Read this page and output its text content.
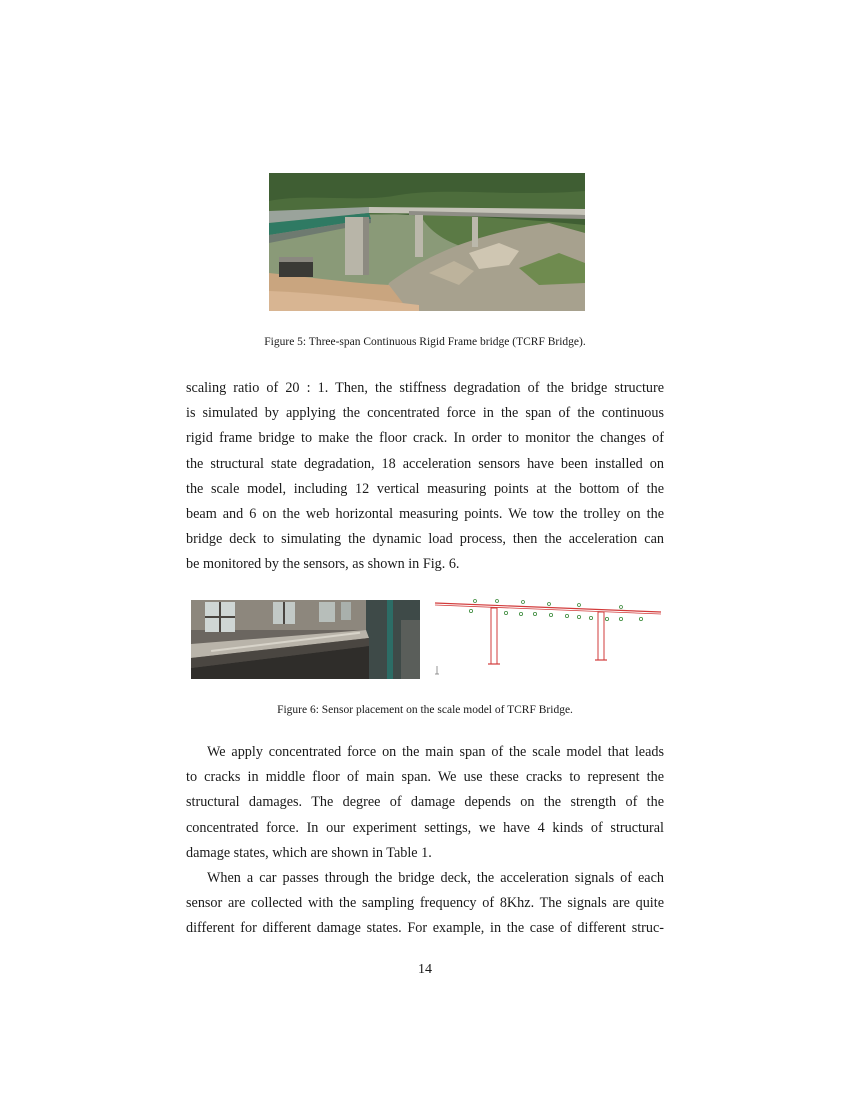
Figure 5: Three-span Continuous Rigid Frame bridge (TCRF Bridge).
scaling ratio of 20 : 1. Then, the stiffness degradation of the bridge structure
is simulated by applying the concentrated force in the span of the continuous
rigid frame bridge to make the floor crack. In order to monitor the changes of
the structural state degradation, 18 acceleration sensors have been installed on
the scale model, including 12 vertical measuring points at the bottom of the
beam and 6 on the web horizontal measuring points. We tow the trolley on the
bridge deck to simulating the dynamic load process, then the acceleration can
be monitored by the sensors, as shown in Fig. 6.
Figure 6: Sensor placement on the scale model of TCRF Bridge.
We apply concentrated force on the main span of the scale model that leads
to cracks in middle floor of main span. We use these cracks to represent the
structural damages. The degree of damage depends on the strength of the
concentrated force. In our experiment settings, we have 4 kinds of structural
damage states, which are shown in Table 1.
When a car passes through the bridge deck, the acceleration signals of each
sensor are collected with the sampling frequency of 8Khz. The signals are quite
different for different damage states. For example, in the case of different struc-
14
